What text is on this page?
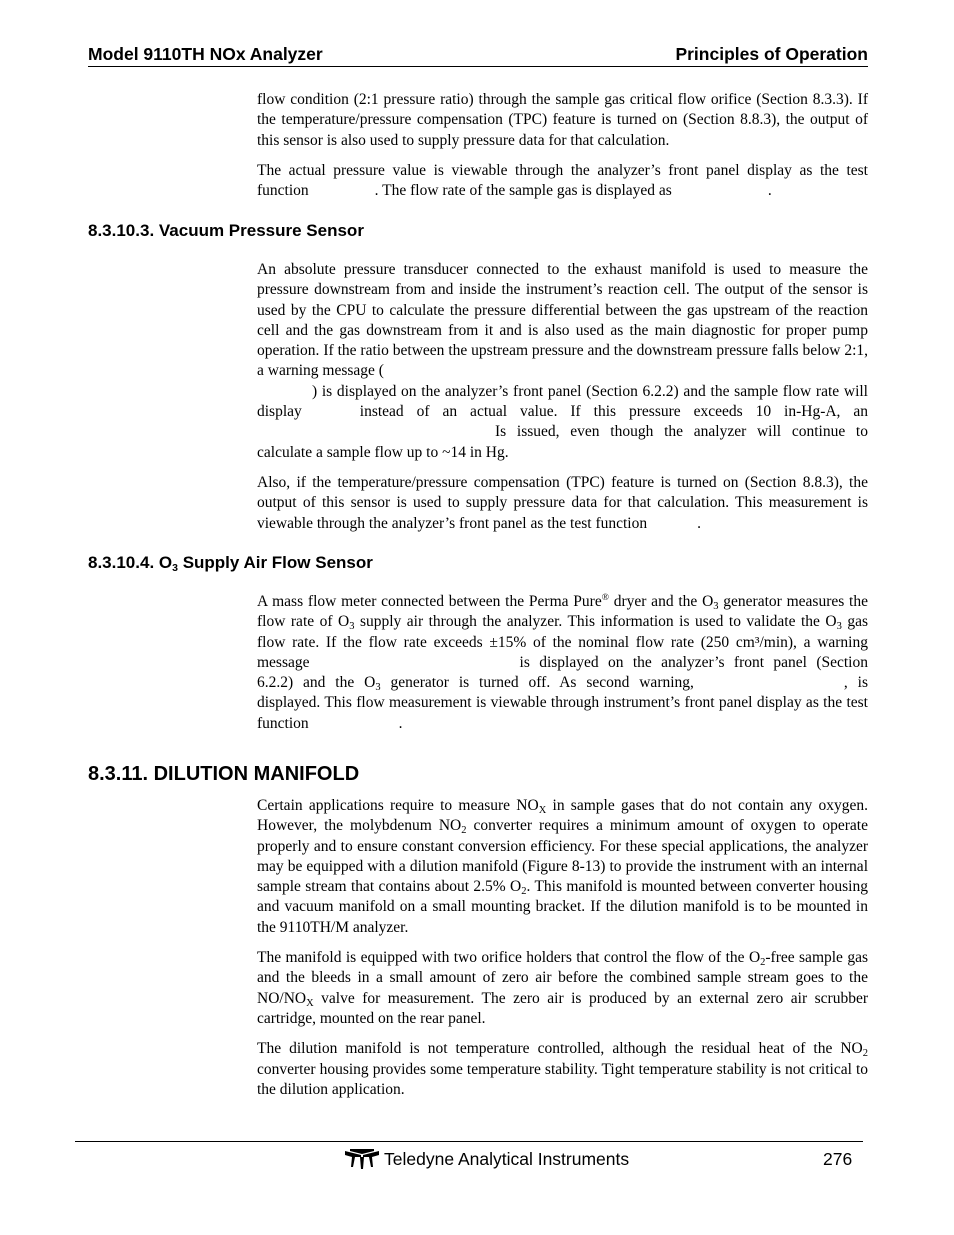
Model 9110TH NOx Analyzer	Principles of Operation

flow condition (2:1 pressure ratio) through the sample gas critical flow orifice (Section 8.3.3). If the temperature/pressure compensation (TPC) feature is turned on (Section 8.8.3), the output of this sensor is also used to supply pressure data for that calculation.

The actual pressure value is viewable through the analyzer’s front panel display as the test function	. The flow rate of the sample gas is displayed as	.

8.3.10.3. Vacuum Pressure Sensor

An absolute pressure transducer connected to the exhaust manifold is used to measure the pressure downstream from and inside the instrument’s reaction cell. The output of the sensor is used by the CPU to calculate the pressure differential between the gas upstream of the reaction cell and the gas downstream from it and is also used as the main diagnostic for proper pump operation. If the ratio between the upstream pressure and the downstream pressure falls below 2:1, a warning message (
) is displayed on the analyzer’s front panel (Section 6.2.2) and the sample flow rate will display	instead of an actual value. If this pressure exceeds 10 in-Hg-A, anIs issued, even though the analyzer will continue to calculate a sample flow up to ~14 in Hg.

Also, if the temperature/pressure compensation (TPC) feature is turned on (Section 8.8.3), the output of this sensor is used to supply pressure data for that calculation. This measurement is viewable through the analyzer’s front panel as the test function	.

8.3.10.4. $O_3$ Supply Air Flow Sensor

A mass flow meter connected between the Perma Pure® dryer and the $O_3$ generator measures the flow rate of $O_3$ supply air through the analyzer. This information is used to validate the $O_3$ gas flow rate. If the flow rate exceeds ±15% of the nominal flow rate (250 cm³/min), a warning message	is displayed on the analyzer’s front panel (Section 6.2.2) and the $O_3$ generator is turned off. As second warning,	, is displayed. This flow measurement is viewable through instrument’s front panel display as the test function	.

8.3.11. DILUTION MANIFOLD

Certain applications require to measure $NO_X$ in sample gases that do not contain any oxygen. However, the molybdenum $NO_2$ converter requires a minimum amount of oxygen to operate properly and to ensure constant conversion efficiency. For these special applications, the analyzer may be equipped with a dilution manifold (Figure 8-13) to provide the instrument with an internal sample stream that contains about 2.5% $O_2$. This manifold is mounted between converter housing and vacuum manifold on a small mounting bracket. If the dilution manifold is to be mounted in the 9110TH/M analyzer.

The manifold is equipped with two orifice holders that control the flow of the $O_2$-free sample gas and the bleeds in a small amount of zero air before the combined sample stream goes to the $NO/NO_X$ valve for measurement. The zero air is produced by an external zero air scrubber cartridge, mounted on the rear panel.

The dilution manifold is not temperature controlled, although the residual heat of the $NO_2$ converter housing provides some temperature stability. Tight temperature stability is not critical to the dilution application.

Teledyne Analytical Instruments	276
